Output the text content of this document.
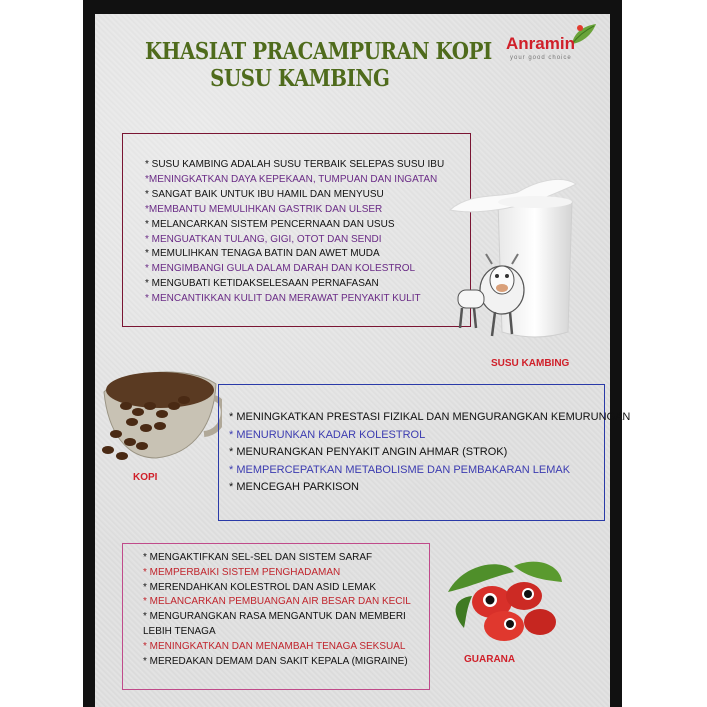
KHASIAT PRACAMPURAN KOPI
SUSU KAMBING
Anramin
your good choice
* SUSU KAMBING ADALAH SUSU TERBAIK SELEPAS SUSU IBU
*MENINGKATKAN DAYA KEPEKAAN, TUMPUAN DAN INGATAN
* SANGAT BAIK UNTUK IBU HAMIL DAN MENYUSU
*MEMBANTU MEMULIHKAN GASTRIK DAN ULSER
* MELANCARKAN SISTEM PENCERNAAN DAN USUS
* MENGUATKAN TULANG, GIGI, OTOT DAN SENDI
* MEMULIHKAN TENAGA BATIN DAN AWET MUDA
* MENGIMBANGI GULA DALAM DARAH DAN KOLESTROL
* MENGUBATI KETIDAKSELESAAN PERNAFASAN
* MENCANTIKKAN KULIT DAN MERAWAT PENYAKIT KULIT
SUSU KAMBING
KOPI
* MENINGKATKAN PRESTASI FIZIKAL DAN MENGURANGKAN KEMURUNGAN
* MENURUNKAN KADAR KOLESTROL
* MENURANGKAN PENYAKIT ANGIN AHMAR (STROK)
* MEMPERCEPATKAN METABOLISME DAN PEMBAKARAN LEMAK
* MENCEGAH PARKISON
* MENGAKTIFKAN SEL-SEL DAN SISTEM SARAF
* MEMPERBAIKI SISTEM PENGHADAMAN
* MERENDAHKAN KOLESTROL DAN ASID LEMAK
* MELANCARKAN PEMBUANGAN AIR BESAR DAN KECIL
* MENGURANGKAN RASA MENGANTUK DAN MEMBERI
LEBIH TENAGA
* MENINGKATKAN DAN MENAMBAH TENAGA SEKSUAL
* MEREDAKAN DEMAM DAN SAKIT KEPALA (MIGRAINE)	GUARANA
